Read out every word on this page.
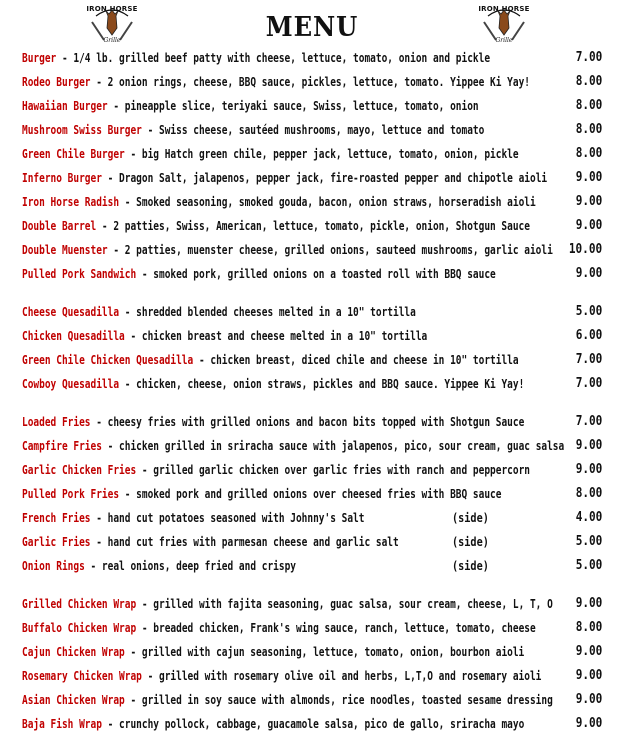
IRON HORSE
Grille	MENU
IRON HORSE
Grille
Burger - 1/4 lb. grilled beef patty with cheese, lettuce, tomato, onion and pickle	7.00
Rodeo Burger - 2 onion rings, cheese, BBQ sauce, pickles, lettuce, tomato. Yippee Ki Yay!	8.00
Hawaiian Burger - pineapple slice, teriyaki sauce, Swiss, lettuce, tomato, onion	8.00
Mushroom Swiss Burger - Swiss cheese, sautéed mushrooms, mayo, lettuce and tomato	8.00
Green Chile Burger - big Hatch green chile, pepper jack, lettuce, tomato, onion, pickle	8.00
Inferno Burger - Dragon Salt, jalapenos, pepper jack, fire-roasted pepper and chipotle aioli 9.00
Iron Horse Radish - Smoked seasoning, smoked gouda, bacon, onion straws, horseradish aioli	9.00
Double Barrel - 2 patties, Swiss, American, lettuce, tomato, pickle, onion, Shotgun Sauce	9.00
Double Muenster - 2 patties, muenster cheese, grilled onions, sauteed mushrooms, garlic aioli 10.00
Pulled Pork Sandwich - smoked pork, grilled onions on a toasted roll with BBQ sauce	9.00
Cheese Quesadilla - shredded blended cheeses melted in a 10" tortilla	5.00
Chicken Quesadilla - chicken breast and cheese melted in a 10" tortilla	6.00
Green Chile Chicken Quesadilla - chicken breast, diced chile and cheese in 10" tortilla	7.00
Cowboy Quesadilla - chicken, cheese, onion straws, pickles and BBQ sauce. Yippee Ki Yay!	7.00
Loaded Fries - cheesy fries with grilled onions and bacon bits topped with Shotgun Sauce	7.00
Campfire Fries - chicken grilled in sriracha sauce with jalapenos, pico, sour cream, guac salsa 9.00
Garlic Chicken Fries - grilled garlic chicken over garlic fries with ranch and peppercorn	9.00
Pulled Pork Fries - smoked pork and grilled onions over cheesed fries with BBQ sauce	8.00
French Fries - hand cut potatoes seasoned with Johnny's Salt	(side)	4.00
Garlic Fries - hand cut fries with parmesan cheese and garlic salt	(side)	5.00
Onion Rings - real onions, deep fried and crispy	(side)	5.00
Grilled Chicken Wrap - grilled with fajita seasoning, guac salsa, sour cream, cheese, L, T, O 9.00
Buffalo Chicken Wrap - breaded chicken, Frank's wing sauce, ranch, lettuce, tomato, cheese	8.00
Cajun Chicken Wrap - grilled with cajun seasoning, lettuce, tomato, onion, bourbon aioli	9.00
Rosemary Chicken Wrap - grilled with rosemary olive oil and herbs, L,T,O and rosemary aioli	9.00
Asian Chicken Wrap - grilled in soy sauce with almonds, rice noodles, toasted sesame dressing 9.00
Baja Fish Wrap - crunchy pollock, cabbage, guacamole salsa, pico de gallo, sriracha mayo	9.00
